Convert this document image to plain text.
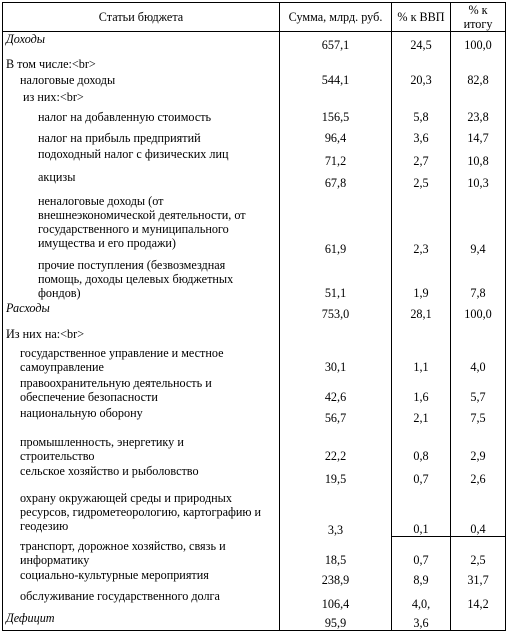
Статьи бюджета	Сумма, млрд. руб.	% к ВВП	% к итогу
Доходы	657,1	24,5	100,0
В том числе:<br>			
налоговые доходы	544,1	20,3	82,8
из них:<br>			
налог на добавленную стоимость	156,5	5,8	23,8
налог на прибыль предприятий	96,4	3,6	14,7
подоходный налог с физических лиц	71,2	2,7	10,8
акцизы	67,8	2,5	10,3
неналоговые доходы (от внешнеэкономической деятельности, от государственного и муниципального имущества и его продажи)	61,9	2,3	9,4
прочие поступления (безвозмездная помощь, доходы целевых бюджетных фондов)	51,1	1,9	7,8
Расходы	753,0	28,1	100,0
Из них на:<br>			
государственное управление и местное самоуправление	30,1	1,1	4,0
правоохранительную деятельность и обеспечение безопасности	42,6	1,6	5,7
национальную оборону	56,7	2,1	7,5
промышленность, энергетику и строительство	22,2	0,8	2,9
сельское хозяйство и рыболовство	19,5	0,7	2,6
охрану окружающей среды и природных ресурсов, гидрометеорологию, картографию и геодезию	3,3	0,1	0,4
транспорт, дорожное хозяйство, связь и информатику	18,5	0,7	2,5
социально-культурные мероприятия	238,9	8,9	31,7
обслуживание государственного долга	106,4	4,0,	14,2
Дефицит	95,9	3,6	
